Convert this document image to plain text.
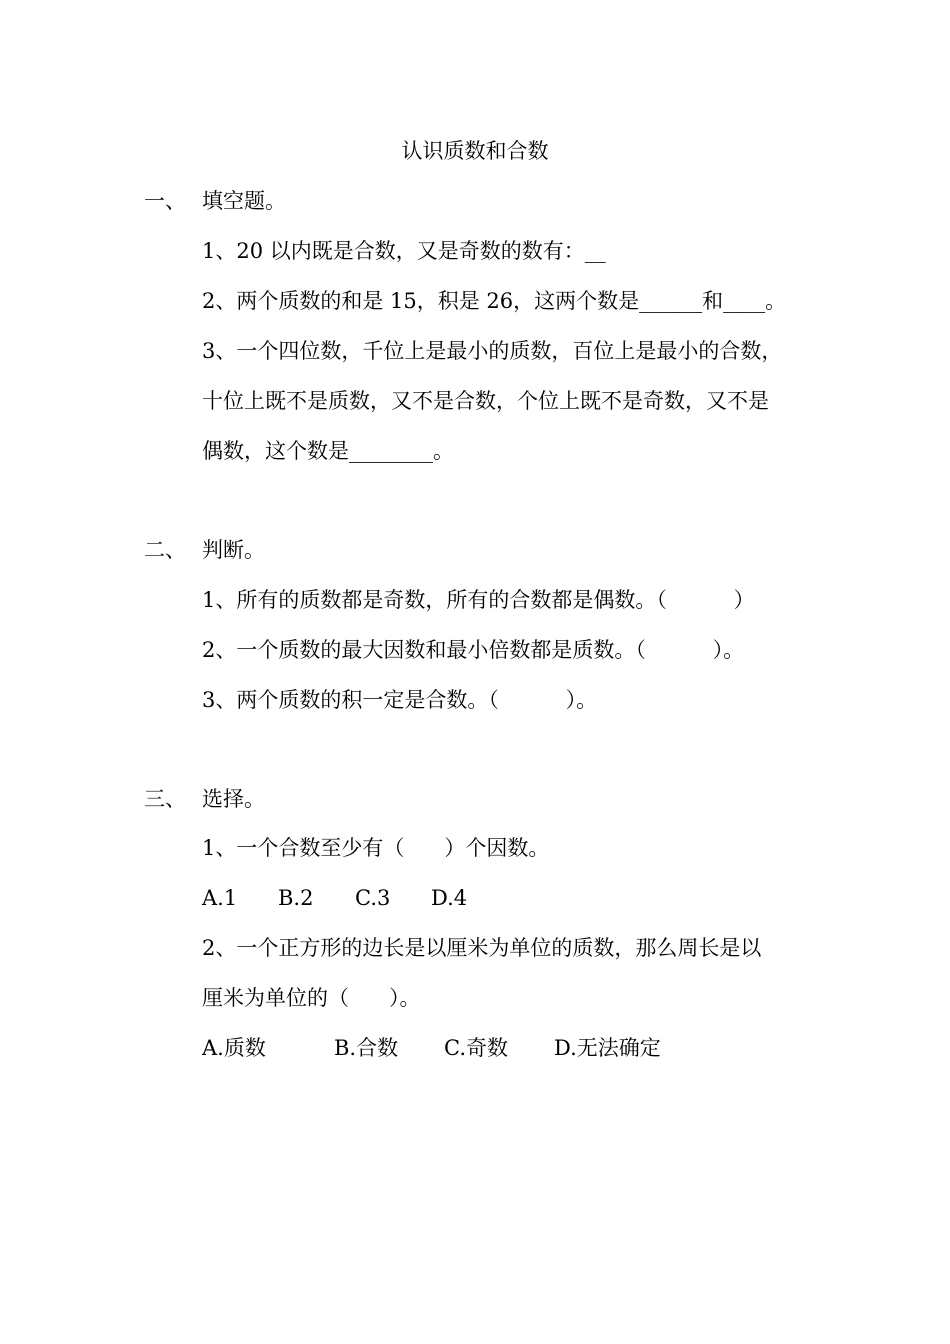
认识质数和合数
一、 填空题。
1、20 以内既是合数，又是奇数的数有：__
2、两个质数的和是 15，积是 26，这两个数是______和____。
3、一个四位数，千位上是最小的质数，百位上是最小的合数，
十位上既不是质数，又不是合数，个位上既不是奇数，又不是
偶数，这个数是________。
二、 判断。
1、所有的质数都是奇数，所有的合数都是偶数。（          ）
2、一个质数的最大因数和最小倍数都是质数。（          ）。
3、两个质数的积一定是合数。（          ）。
三、 选择。
1、一个合数至少有（      ）个因数。
A.1 B.2 C.3 D.4
2、一个正方形的边长是以厘米为单位的质数，那么周长是以
厘米为单位的（      ）。
A.质数	B.合数 C.奇数 D.无法确定
